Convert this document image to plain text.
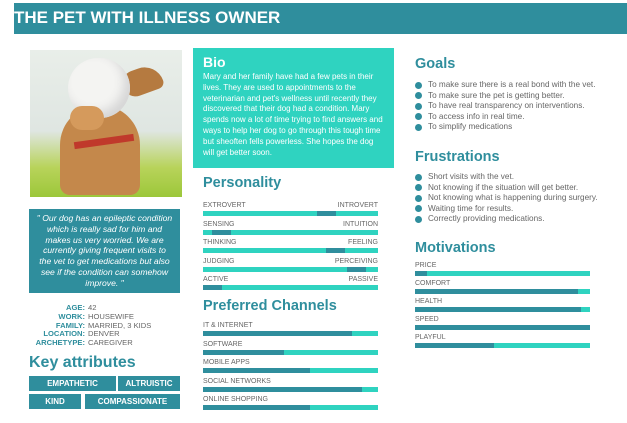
THE PET WITH ILLNESS OWNER
" Our dog has an epileptic condition which is really sad for him and makes us very worried. We are currently giving frequent visits to the vet to get medications but also see if the condition can somehow improve. "
AGE: 42
WORK: HOUSEWIFE
FAMILY: MARRIED, 3 KIDS
LOCATION: DENVER
ARCHETYPE: CAREGIVER
Key attributes
EMPATHETIC	ALTRUISTIC
KIND	COMPASSIONATE
Bio
Mary and her family have had a few pets in their lives. They are used to appointments to the veterinarian and pet's wellness until recently they discovered that their dog had a condition. Mary spends now a lot of time trying to find answers and ways to help her dog to go through this tough time but sheoften fells powerless. She hopes the dog will get better soon.
Personality
EXTROVERT	INTROVERT
SENSING	INTUITION
THINKING	FEELING
JUDGING	PERCEIVING
ACTIVE	PASSIVE
Preferred Channels
IT & INTERNET
SOFTWARE
MOBILE APPS
SOCIAL NETWORKS
ONLINE SHOPPING
Goals
To make sure there is a real bond with the vet.
To make sure the pet is getting better.
To have real transparency on interventions.
To access info in real time.
To simplify medications
Frustrations
Short visits with the vet.
Not knowing if the situation will get better.
Not knowing what is happening during surgery.
Waiting time for results.
Correctly providing medications.
Motivations
PRICE
COMFORT
HEALTH
SPEED
PLAYFUL
